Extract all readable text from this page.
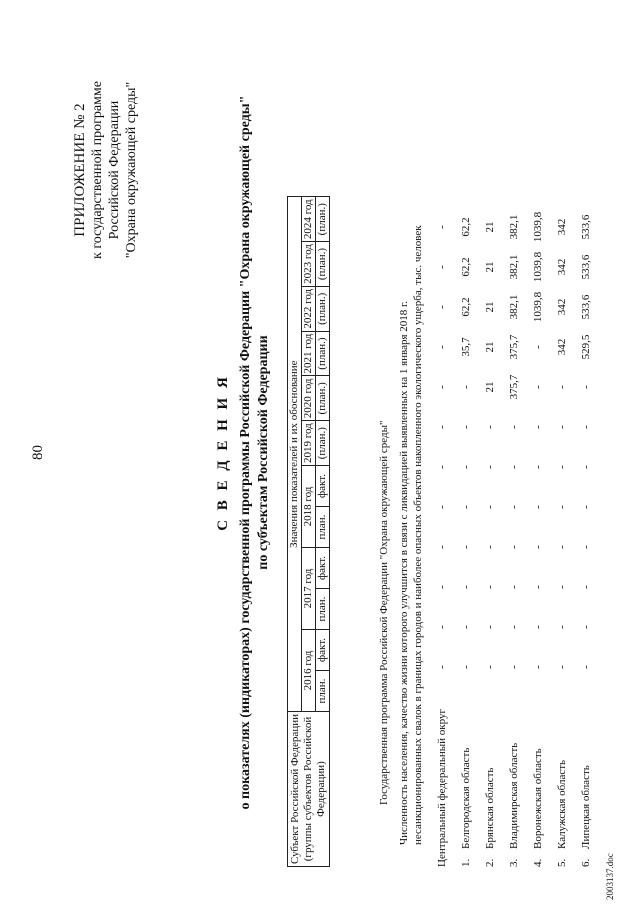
80
ПРИЛОЖЕНИЕ № 2 к государственной программе Российской Федерации "Охрана окружающей среды"
С В Е Д Е Н И Я о показателях (индикаторах) государственной программы Российской Федерации "Охрана окружающей среды" по субъектам Российской Федерации
Субъект Российской Федерации (группы субъектов Российской Федерации)	Значения показателей и их обоснование											
	2016 год		2017 год		2018 год		2019 год	2020 год	2021 год	2022 год	2023 год	2024 год
	план.	факт.	план.	факт.	план.	факт.	(план.)	(план.)	(план.)	(план.)	(план.)	(план.)
Государственная программа Российской Федерации "Охрана окружающей среды" Численность населения, качество жизни которого улучшится в связи с ликвидацией выявленных на 1 января 2018 г. несанкционированных свалок в границах городов и наиболее опасных объектов накопленного экологического ущерба, тыс. человек Центральный федеральный округ	-	-	-	-	-	-	-	-	-	-	-	-
1.Белгородская область	-	-	-	-	-	-	-	-	35,7	62,2	62,2	62,2
2.Брянская область	-	-	-	-	-	-	-	21	21	21	21	21
3.Владимирская область	-	-	-	-	-	-	-	375,7	375,7	382,1	382,1	382,1
4.Воронежская область	-	-	-	-	-	-	-	-	-	1039,8	1039,8	1039,8
5.Калужская область	-	-	-	-	-	-	-	-	342	342	342	342
6.Липецкая область	-	-	-	-	-	-	-	-	529,5	533,6	533,6	533,6
2003137.doc
